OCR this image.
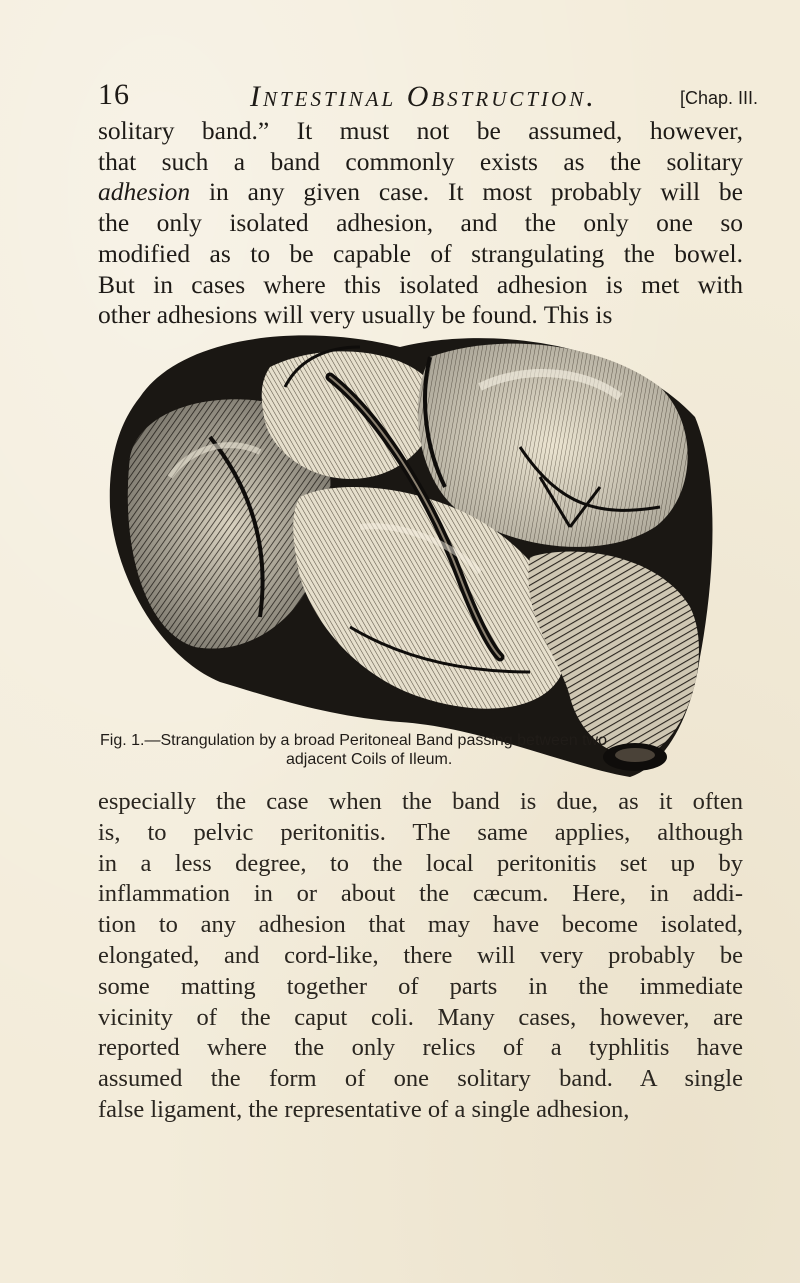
16	Intestinal Obstruction.	[Chap. III.
solitary band.” It must not be assumed, however,
that such a band commonly exists as the solitary
adhesion in any given case. It most probably will be
the only isolated adhesion, and the only one so
modified as to be capable of strangulating the bowel.
But in cases where this isolated adhesion is met with
other adhesions will very usually be found. This is
Fig. 1.—Strangulation by a broad Peritoneal Band passing between two
adjacent Coils of Ileum.
especially the case when the band is due, as it often
is, to pelvic peritonitis. The same applies, although
in a less degree, to the local peritonitis set up by
inflammation in or about the cæcum. Here, in addi-
tion to any adhesion that may have become isolated,
elongated, and cord-like, there will very probably be
some matting together of parts in the immediate
vicinity of the caput coli. Many cases, however, are
reported where the only relics of a typhlitis have
assumed the form of one solitary band. A single
false ligament, the representative of a single adhesion,
